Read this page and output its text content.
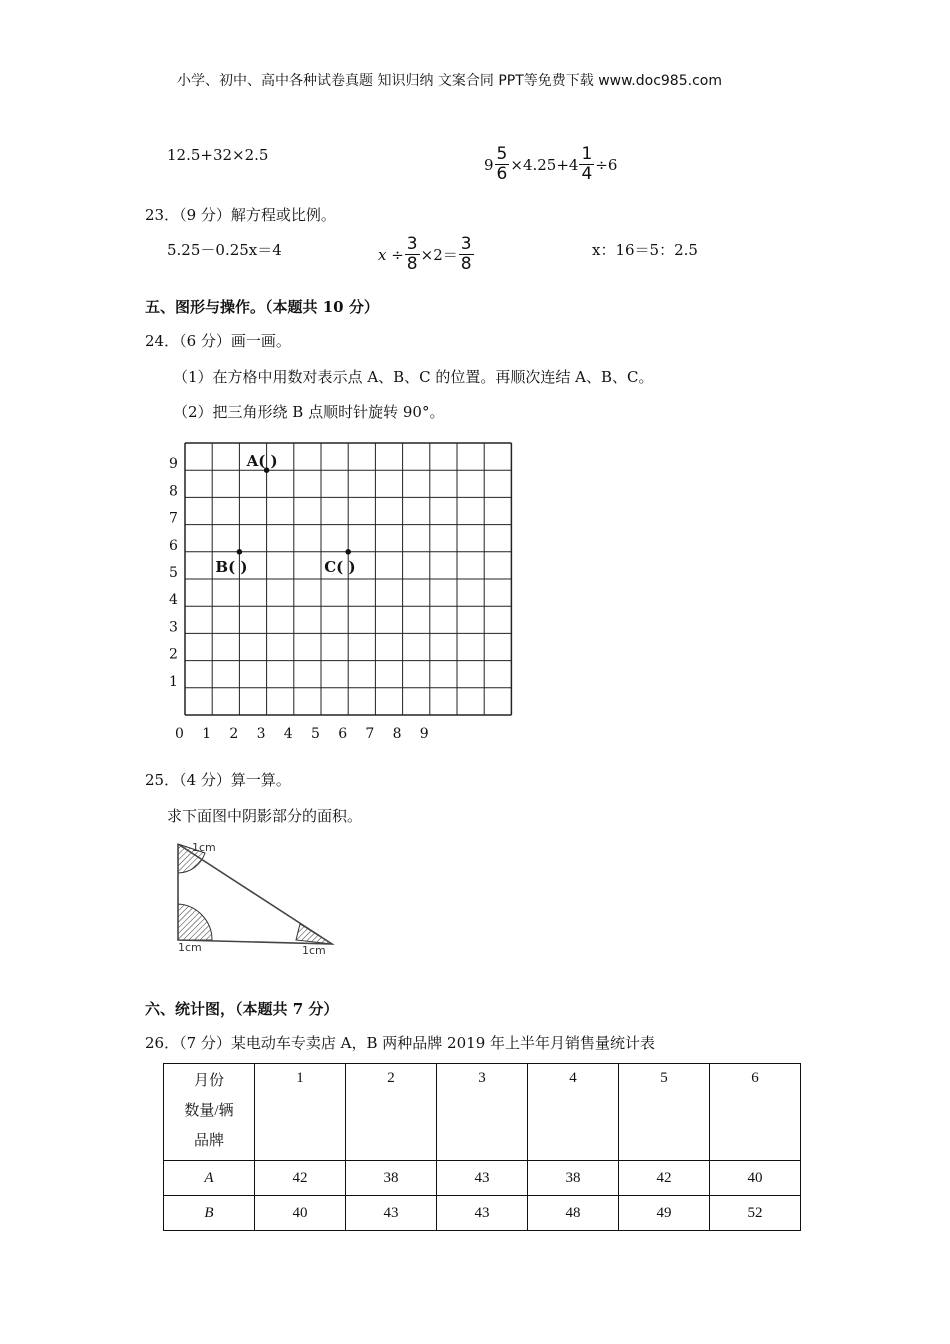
小学、初中、高中各种试卷真题 知识归纳 文案合同 PPT等免费下载 www.doc985.com
12.5+32×2.5
$9 \frac{5}{6} \times 4.25+4 \frac{1}{4} \div 6$
23．（9 分）解方程或比例。
5.25－0.25x＝4	$x \div \frac{3}{8} \times 2= \frac{3}{8}$	x：16＝5：2.5
五、图形与操作。（本题共 10 分）
24．（6 分）画一画。
（1）在方格中用数对表示点 A、B、C 的位置。再顺次连结 A、B、C。
（2）把三角形绕 B 点顺时针旋转 90°。
9
8
7
6
5
4
3
2
1
0 1 2 3 4 5 6 7 8 9
A( )
B( )	C( )
25．（4 分）算一算。
求下面图中阴影部分的面积。
1cm
1cm	1cm
六、统计图，（本题共 7 分）
26．（7 分）某电动车专卖店 A，B 两种品牌 2019 年上半年月销售量统计表
月份
数量/辆
品牌	1	2	3	4	5	6
A	42	38	43	38	42	40
B	40	43	43	48	49	52
